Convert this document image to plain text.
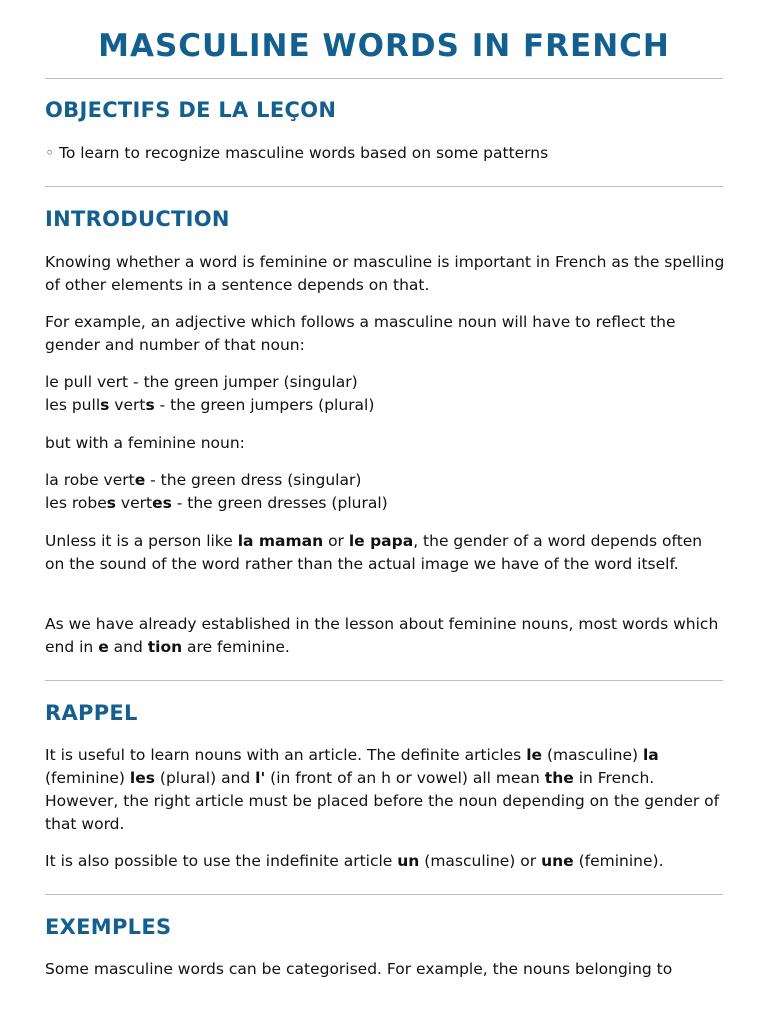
MASCULINE WORDS IN FRENCH
OBJECTIFS DE LA LEÇON
◦ To learn to recognize masculine words based on some patterns
INTRODUCTION

Knowing whether a word is feminine or masculine is important in French as the spelling of other elements in a sentence depends on that.

For example, an adjective which follows a masculine noun will have to reflect the gender and number of that noun:

le pull vert - the green jumper (singular)
les pulls verts - the green jumpers (plural)

but with a feminine noun:

la robe verte - the green dress (singular)
les robes vertes - the green dresses (plural)

Unless it is a person like la maman or le papa, the gender of a word depends often on the sound of the word rather than the actual image we have of the word itself.

As we have already established in the lesson about feminine nouns, most words which end in e and tion are feminine.

RAPPEL

It is useful to learn nouns with an article. The definite articles le (masculine) la (feminine) les (plural) and l' (in front of an h or vowel) all mean the in French. However, the right article must be placed before the noun depending on the gender of that word.

It is also possible to use the indefinite article un (masculine) or une (feminine).

EXEMPLES

Some masculine words can be categorised. For example, the nouns belonging to
